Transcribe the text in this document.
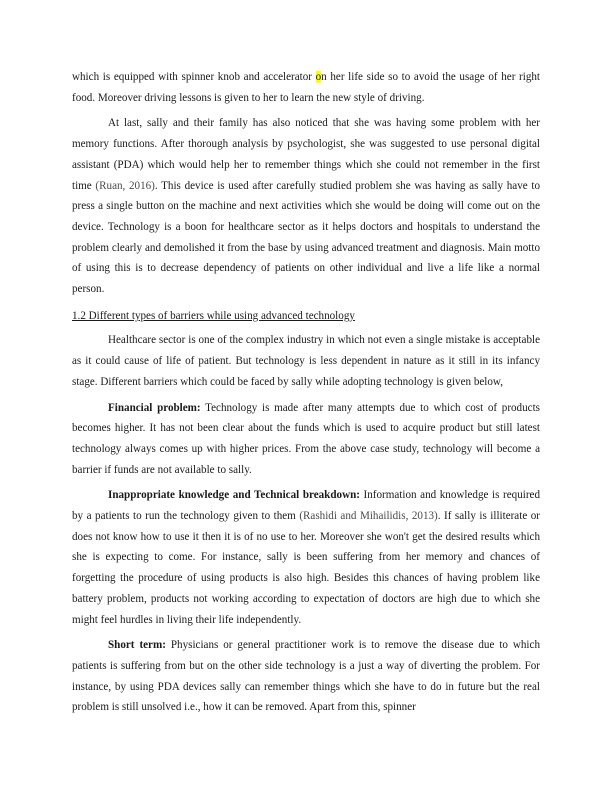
which is equipped with spinner knob and accelerator on her life side so to avoid the usage of her right food. Moreover driving lessons is given to her to learn the new style of driving.

At last, sally and their family has also noticed that she was having some problem with her memory functions. After thorough analysis by psychologist, she was suggested to use personal digital assistant (PDA) which would help her to remember things which she could not remember in the first time (Ruan, 2016). This device is used after carefully studied problem she was having as sally have to press a single button on the machine and next activities which she would be doing will come out on the device. Technology is a boon for healthcare sector as it helps doctors and hospitals to understand the problem clearly and demolished it from the base by using advanced treatment and diagnosis. Main motto of using this is to decrease dependency of patients on other individual and live a life like a normal person.

1.2 Different types of barriers while using advanced technology

Healthcare sector is one of the complex industry in which not even a single mistake is acceptable as it could cause of life of patient. But technology is less dependent in nature as it still in its infancy stage. Different barriers which could be faced by sally while adopting technology is given below,

Financial problem: Technology is made after many attempts due to which cost of products becomes higher. It has not been clear about the funds which is used to acquire product but still latest technology always comes up with higher prices. From the above case study, technology will become a barrier if funds are not available to sally.

Inappropriate knowledge and Technical breakdown: Information and knowledge is required by a patients to run the technology given to them (Rashidi and Mihailidis, 2013). If sally is illiterate or does not know how to use it then it is of no use to her. Moreover she won't get the desired results which she is expecting to come. For instance, sally is been suffering from her memory and chances of forgetting the procedure of using products is also high. Besides this chances of having problem like battery problem, products not working according to expectation of doctors are high due to which she might feel hurdles in living their life independently.

Short term: Physicians or general practitioner work is to remove the disease due to which patients is suffering from but on the other side technology is a just a way of diverting the problem. For instance, by using PDA devices sally can remember things which she have to do in future but the real problem is still unsolved i.e., how it can be removed. Apart from this, spinner
